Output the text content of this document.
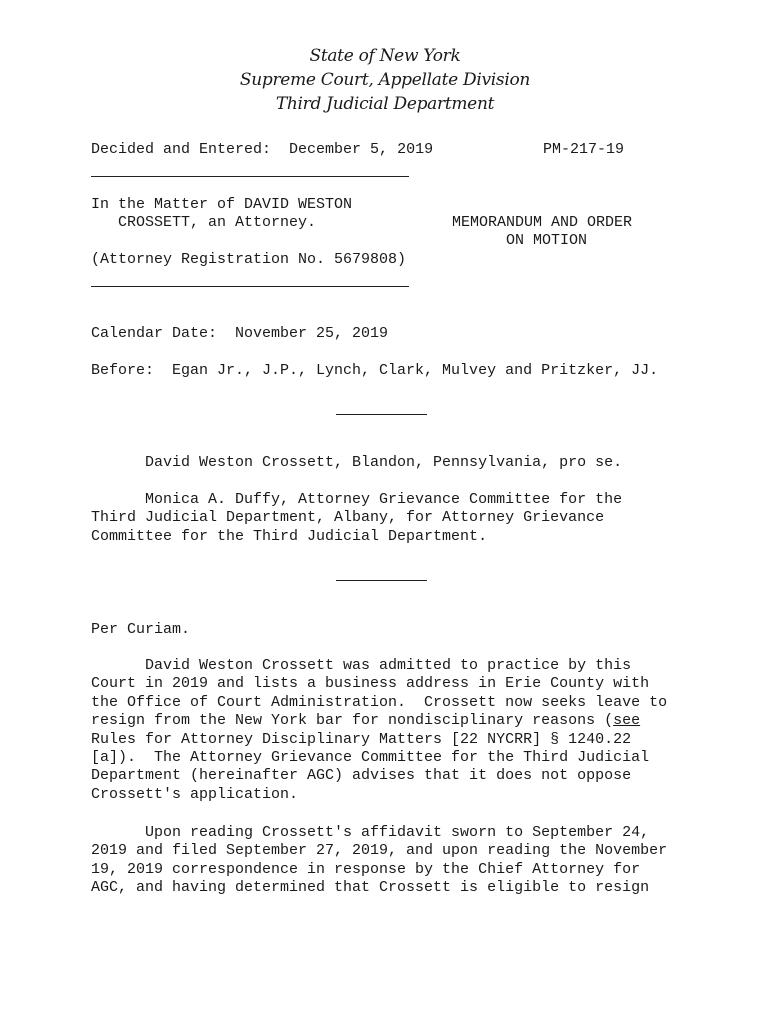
State of New York
Supreme Court, Appellate Division
Third Judicial Department
Decided and Entered: December 5, 2019	PM-217-19
In the Matter of DAVID WESTON
CROSSETT, an Attorney.	MEMORANDUM AND ORDER
ON MOTION
(Attorney Registration No. 5679808)
Calendar Date:  November 25, 2019
Before:  Egan Jr., J.P., Lynch, Clark, Mulvey and Pritzker, JJ.
David Weston Crossett, Blandon, Pennsylvania, pro se.
Monica A. Duffy, Attorney Grievance Committee for the
Third Judicial Department, Albany, for Attorney Grievance
Committee for the Third Judicial Department.
Per Curiam.
David Weston Crossett was admitted to practice by this
Court in 2019 and lists a business address in Erie County with
the Office of Court Administration.  Crossett now seeks leave to
resign from the New York bar for nondisciplinary reasons (see
Rules for Attorney Disciplinary Matters [22 NYCRR] § 1240.22
[a]).  The Attorney Grievance Committee for the Third Judicial
Department (hereinafter AGC) advises that it does not oppose
Crossett's application.
Upon reading Crossett's affidavit sworn to September 24,
2019 and filed September 27, 2019, and upon reading the November
19, 2019 correspondence in response by the Chief Attorney for
AGC, and having determined that Crossett is eligible to resign
